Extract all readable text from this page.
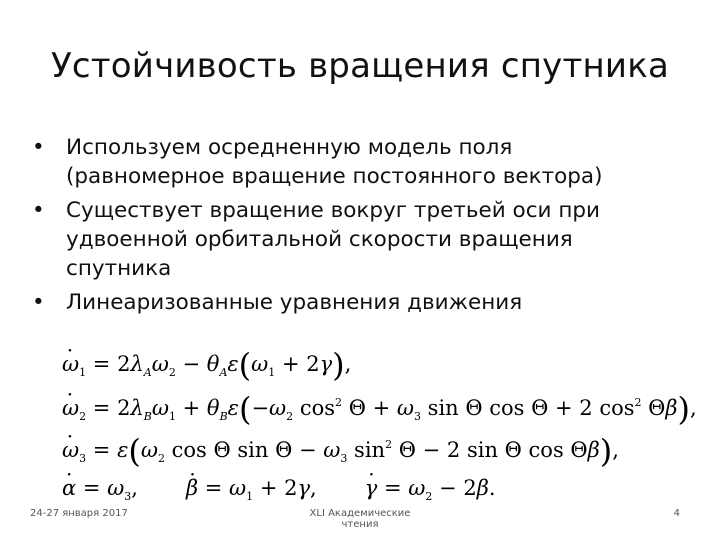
Устойчивость вращения спутника
• Используем осредненную модель поля
(равномерное вращение постоянного вектора)
• Существует вращение вокруг третьей оси при
удвоенной орбитальной скорости вращения
спутника
• Линеаризованные уравнения движения
· $\omega_1 = 2\lambda_A\omega_2 - \theta_A\varepsilon(\omega_1 + 2\gamma)$,
· $\omega_2 = 2\lambda_B\omega_1 + \theta_B\varepsilon(-\omega_2$ $\cos^2 \Theta + \omega_3$ sin Θ cos Θ + 2 $\cos^2 \Theta\beta$),
· $\omega_3 = \varepsilon(\omega_2$ cos Θ $\sin \Theta - \omega_3$ $\sin^2 \Theta - 2$ sin Θ cos Θβ),
· $\alpha = \omega_3,\cdot \beta = \omega_1 + 2\gamma,\cdot \gamma = \omega_2 - 2\beta$.
24-27 января 2017	XLI Академические чтения
4
